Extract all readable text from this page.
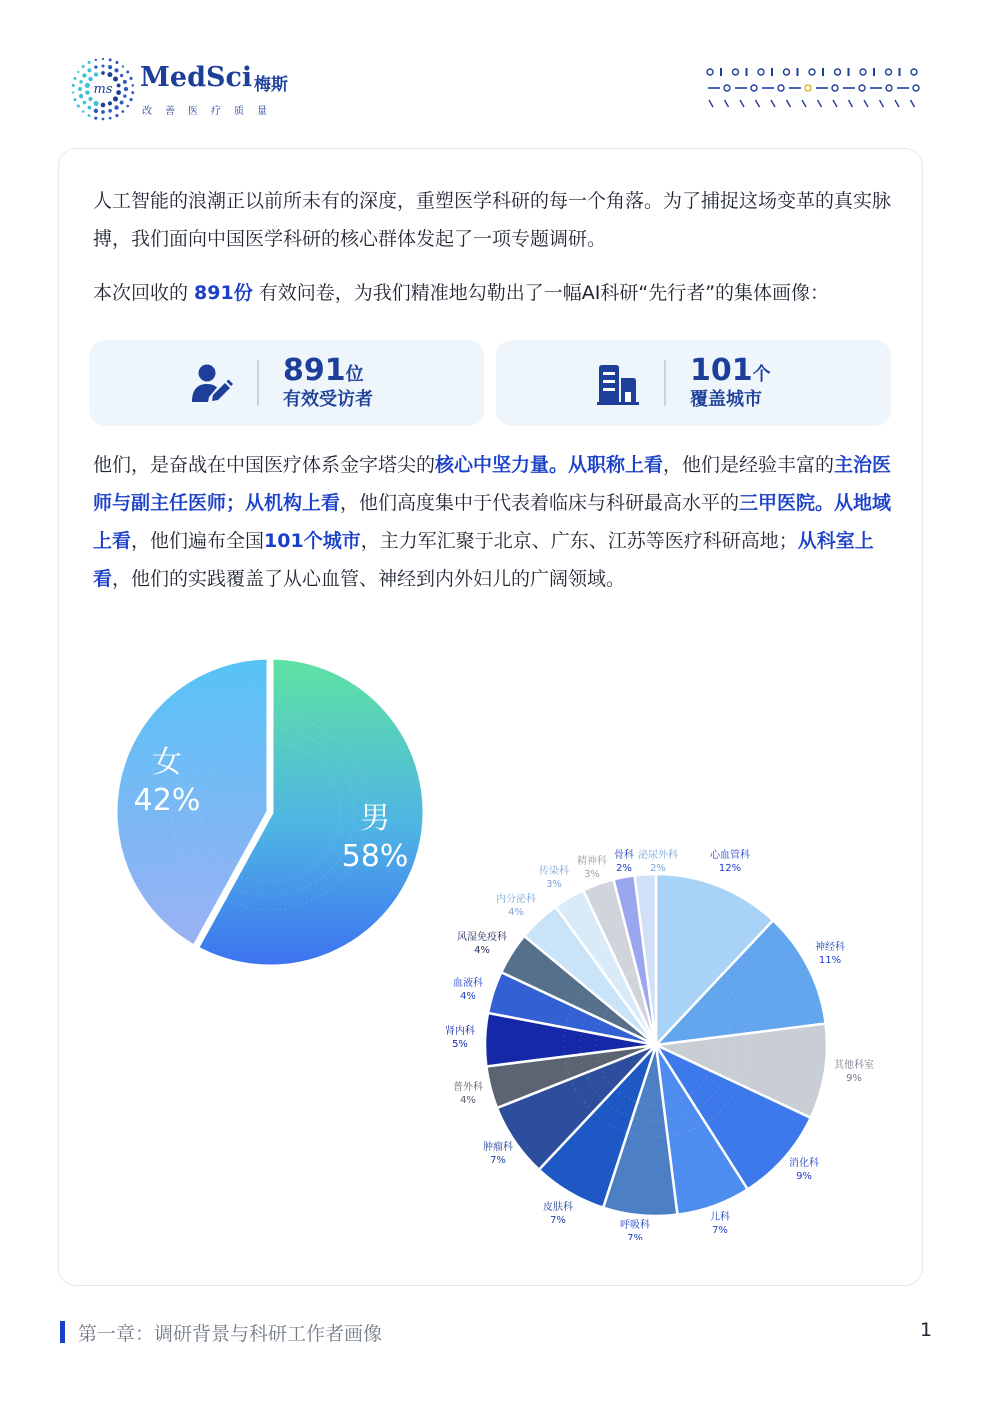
ms MedSci 梅斯
改善医疗质量

人工智能的浪潮正以前所未有的深度，重塑医学科研的每一个角落。为了捕捉这场变革的真实脉搏，我们面向中国医学科研的核心群体发起了一项专题调研。

本次回收的 891份 有效问卷，为我们精准地勾勒出了一幅AI科研“先行者”的集体画像：

891位
有效受访者
101个
覆盖城市

他们，是奋战在中国医疗体系金字塔尖的核心中坚力量。从职称上看，他们是经验丰富的主治医师与副主任医师；从机构上看，他们高度集中于代表着临床与科研最高水平的三甲医院。从地域上看，他们遍布全国101个城市，主力军汇聚于北京、广东、江苏等医疗科研高地；从科室上看，他们的实践覆盖了从心血管、神经到内外妇儿的广阔领域。

男
58%
女
42%
心血管科
12%
神经科
11%
其他科室
9%
消化科
9%
儿科
7%
呼吸科
7%
皮肤科
7%
肿瘤科
7%
普外科
4%
肾内科
5%
血液科
4%
风湿免疫科
4%
内分泌科
4%
传染科
3%
精神科
3%
骨科
2%
泌尿外科
2%
第一章：调研背景与科研工作者画像	1
